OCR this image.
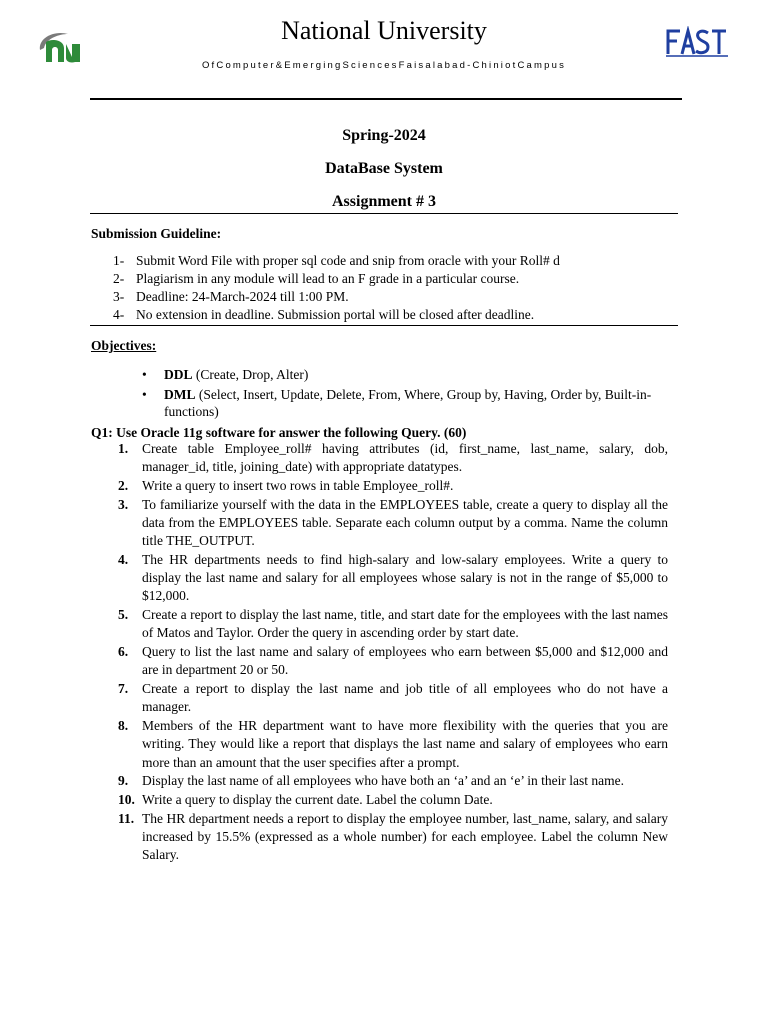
National University
OfComputer&EmergingSciencesFaisalabad-ChiniotCampus
Spring-2024
DataBase System
Assignment # 3
Submission Guideline:
1- Submit Word File with proper sql code and snip from oracle with your Roll# d
2- Plagiarism in any module will lead to an F grade in a particular course.
3- Deadline: 24-March-2024 till 1:00 PM.
4- No extension in deadline. Submission portal will be closed after deadline.
Objectives:
• DDL (Create, Drop, Alter)
• DML (Select, Insert, Update, Delete, From, Where, Group by, Having, Order by, Built-in-functions)
Q1: Use Oracle 11g software for answer the following Query. (60)
1. Create table Employee_roll# having attributes (id, first_name, last_name, salary, dob, manager_id, title, joining_date) with appropriate datatypes.
2. Write a query to insert two rows in table Employee_roll#.
3. To familiarize yourself with the data in the EMPLOYEES table, create a query to display all the data from the EMPLOYEES table. Separate each column output by a comma. Name the column title THE_OUTPUT.
4. The HR departments needs to find high-salary and low-salary employees. Write a query to display the last name and salary for all employees whose salary is not in the range of $5,000 to $12,000.
5. Create a report to display the last name, title, and start date for the employees with the last names of Matos and Taylor. Order the query in ascending order by start date.
6. Query to list the last name and salary of employees who earn between $5,000 and $12,000 and are in department 20 or 50.
7. Create a report to display the last name and job title of all employees who do not have a manager.
8. Members of the HR department want to have more flexibility with the queries that you are writing. They would like a report that displays the last name and salary of employees who earn more than an amount that the user specifies after a prompt.
9. Display the last name of all employees who have both an ‘a’ and an ‘e’ in their last name.
10. Write a query to display the current date. Label the column Date.
11. The HR department needs a report to display the employee number, last_name, salary, and salary increased by 15.5% (expressed as a whole number) for each employee. Label the column New Salary.
